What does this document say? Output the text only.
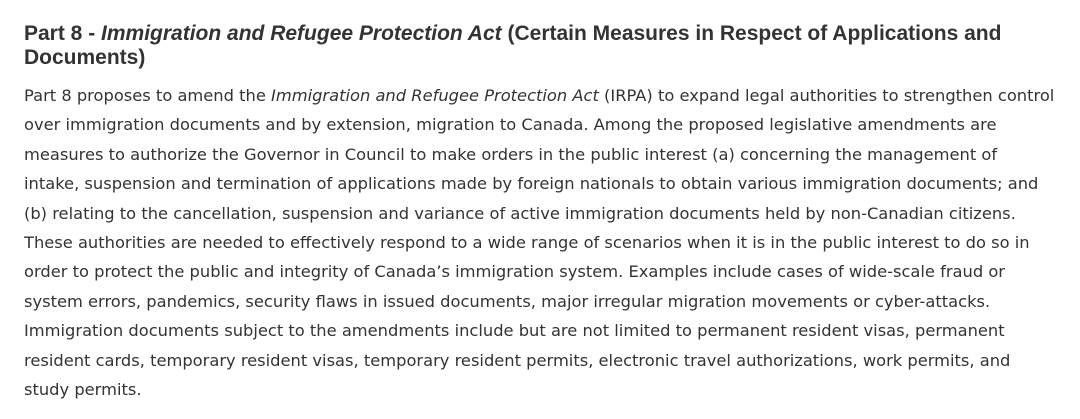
Part 8 - Immigration and Refugee Protection Act (Certain Measures in Respect of Applications and Documents)

Part 8 proposes to amend the Immigration and Refugee Protection Act (IRPA) to expand legal authorities to strengthen control over immigration documents and by extension, migration to Canada. Among the proposed legislative amendments are measures to authorize the Governor in Council to make orders in the public interest (a) concerning the management of intake, suspension and termination of applications made by foreign nationals to obtain various immigration documents; and (b) relating to the cancellation, suspension and variance of active immigration documents held by non-Canadian citizens. These authorities are needed to effectively respond to a wide range of scenarios when it is in the public interest to do so in order to protect the public and integrity of Canada’s immigration system. Examples include cases of wide-scale fraud or system errors, pandemics, security flaws in issued documents, major irregular migration movements or cyber-attacks. Immigration documents subject to the amendments include but are not limited to permanent resident visas, permanent resident cards, temporary resident visas, temporary resident permits, electronic travel authorizations, work permits, and study permits.
